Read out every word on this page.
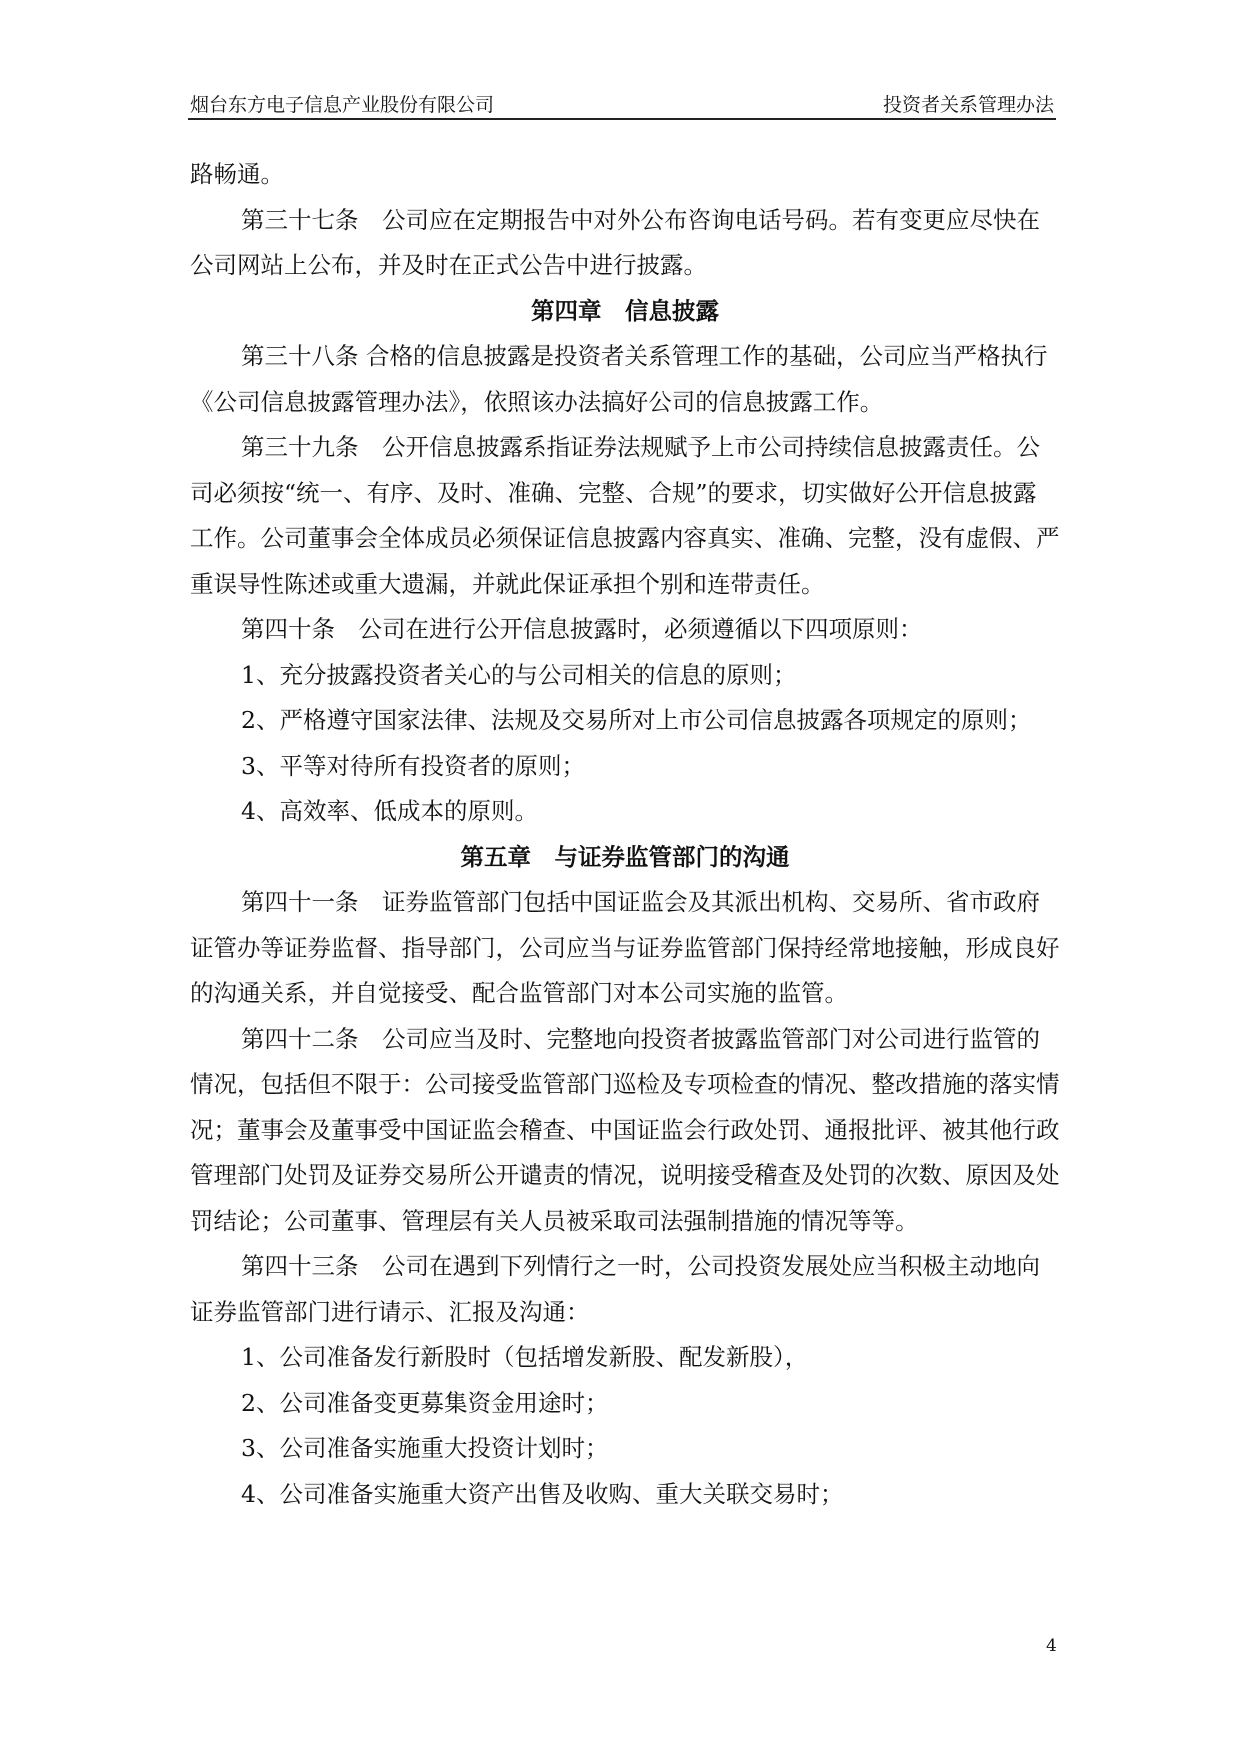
烟台东方电子信息产业股份有限公司	投资者关系管理办法

路畅通。

第三十七条　公司应在定期报告中对外公布咨询电话号码。若有变更应尽快在公司网站上公布，并及时在正式公告中进行披露。

第四章　信息披露

第三十八条 合格的信息披露是投资者关系管理工作的基础，公司应当严格执行《公司信息披露管理办法》，依照该办法搞好公司的信息披露工作。

第三十九条　公开信息披露系指证券法规赋予上市公司持续信息披露责任。公司必须按“统一、有序、及时、准确、完整、合规”的要求，切实做好公开信息披露工作。公司董事会全体成员必须保证信息披露内容真实、准确、完整，没有虚假、严重误导性陈述或重大遗漏，并就此保证承担个别和连带责任。

第四十条　公司在进行公开信息披露时，必须遵循以下四项原则：

1、充分披露投资者关心的与公司相关的信息的原则；

2、严格遵守国家法律、法规及交易所对上市公司信息披露各项规定的原则；

3、平等对待所有投资者的原则；

4、高效率、低成本的原则。

第五章　与证券监管部门的沟通

第四十一条　证券监管部门包括中国证监会及其派出机构、交易所、省市政府证管办等证券监督、指导部门，公司应当与证券监管部门保持经常地接触，形成良好的沟通关系，并自觉接受、配合监管部门对本公司实施的监管。

第四十二条　公司应当及时、完整地向投资者披露监管部门对公司进行监管的情况，包括但不限于：公司接受监管部门巡检及专项检查的情况、整改措施的落实情况；董事会及董事受中国证监会稽查、中国证监会行政处罚、通报批评、被其他行政管理部门处罚及证券交易所公开谴责的情况，说明接受稽查及处罚的次数、原因及处罚结论；公司董事、管理层有关人员被采取司法强制措施的情况等等。

第四十三条　公司在遇到下列情行之一时，公司投资发展处应当积极主动地向证券监管部门进行请示、汇报及沟通：

1、公司准备发行新股时（包括增发新股、配发新股），

2、公司准备变更募集资金用途时；

3、公司准备实施重大投资计划时；

4、公司准备实施重大资产出售及收购、重大关联交易时；

4
